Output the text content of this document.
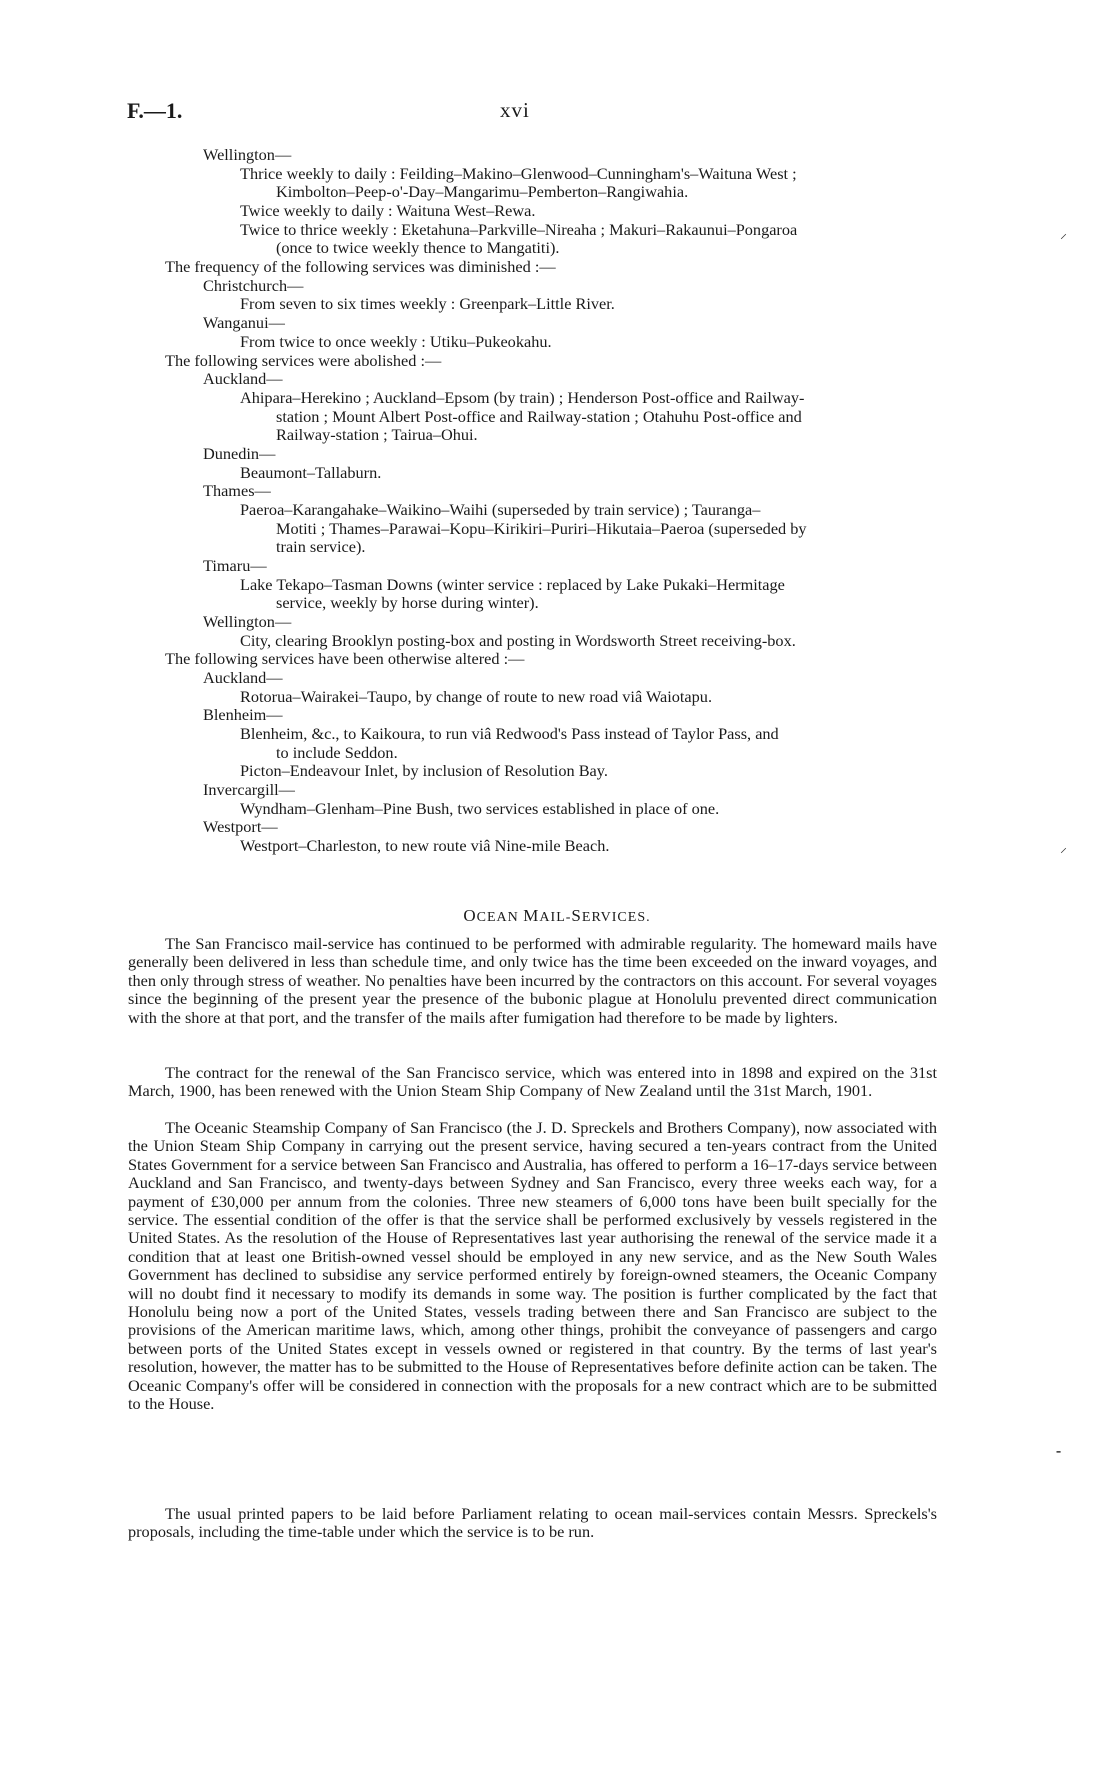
F.—1.	xvi
Wellington—
Thrice weekly to daily : Feilding–Makino–Glenwood–Cunningham's–Waituna West ;
Kimbolton–Peep-o'-Day–Mangarimu–Pemberton–Rangiwahia.
Twice weekly to daily : Waituna West–Rewa.
Twice to thrice weekly : Eketahuna–Parkville–Nireaha ; Makuri–Rakaunui–Pongaroa
(once to twice weekly thence to Mangatiti).
The frequency of the following services was diminished :—
Christchurch—
From seven to six times weekly : Greenpark–Little River.
Wanganui—
From twice to once weekly : Utiku–Pukeokahu.
The following services were abolished :—
Auckland—
Ahipara–Herekino ; Auckland–Epsom (by train) ; Henderson Post-office and Railway-
station ; Mount Albert Post-office and Railway-station ; Otahuhu Post-office and
Railway-station ; Tairua–Ohui.
Dunedin—
Beaumont–Tallaburn.
Thames—
Paeroa–Karangahake–Waikino–Waihi (superseded by train service) ; Tauranga–
Motiti ; Thames–Parawai–Kopu–Kirikiri–Puriri–Hikutaia–Paeroa (superseded by
train service).
Timaru—
Lake Tekapo–Tasman Downs (winter service : replaced by Lake Pukaki–Hermitage
service, weekly by horse during winter).
Wellington—
City, clearing Brooklyn posting-box and posting in Wordsworth Street receiving-box.
The following services have been otherwise altered :—
Auckland—
Rotorua–Wairakei–Taupo, by change of route to new road viâ Waiotapu.
Blenheim—
Blenheim, &c., to Kaikoura, to run viâ Redwood's Pass instead of Taylor Pass, and
to include Seddon.
Picton–Endeavour Inlet, by inclusion of Resolution Bay.
Invercargill—
Wyndham–Glenham–Pine Bush, two services established in place of one.
Westport—
Westport–Charleston, to new route viâ Nine-mile Beach.
OCEAN MAIL-SERVICES.

The San Francisco mail-service has continued to be performed with admirable regularity. The homeward mails have generally been delivered in less than schedule time, and only twice has the time been exceeded on the inward voyages, and then only through stress of weather. No penalties have been incurred by the contractors on this account. For several voyages since the beginning of the present year the presence of the bubonic plague at Honolulu prevented direct communication with the shore at that port, and the transfer of the mails after fumigation had therefore to be made by lighters.

The contract for the renewal of the San Francisco service, which was entered into in 1898 and expired on the 31st March, 1900, has been renewed with the Union Steam Ship Company of New Zealand until the 31st March, 1901.

The Oceanic Steamship Company of San Francisco (the J. D. Spreckels and Brothers Company), now associated with the Union Steam Ship Company in carrying out the present service, having secured a ten-years contract from the United States Government for a service between San Francisco and Australia, has offered to perform a 16–17-days service between Auckland and San Francisco, and twenty-days between Sydney and San Francisco, every three weeks each way, for a payment of £30,000 per annum from the colonies. Three new steamers of 6,000 tons have been built specially for the service. The essential condition of the offer is that the service shall be performed exclusively by vessels registered in the United States. As the resolution of the House of Representatives last year authorising the renewal of the service made it a condition that at least one British-owned vessel should be employed in any new service, and as the New South Wales Government has declined to subsidise any service performed entirely by foreign-owned steamers, the Oceanic Company will no doubt find it necessary to modify its demands in some way. The position is further complicated by the fact that Honolulu being now a port of the United States, vessels trading between there and San Francisco are subject to the provisions of the American maritime laws, which, among other things, prohibit the conveyance of passengers and cargo between ports of the United States except in vessels owned or registered in that country. By the terms of last year's resolution, however, the matter has to be submitted to the House of Representatives before definite action can be taken. The Oceanic Company's offer will be considered in connection with the proposals for a new contract which are to be submitted to the House.

The usual printed papers to be laid before Parliament relating to ocean mail-services contain Messrs. Spreckels's proposals, including the time-table under which the service is to be run.

⸝
⸝
⁃
